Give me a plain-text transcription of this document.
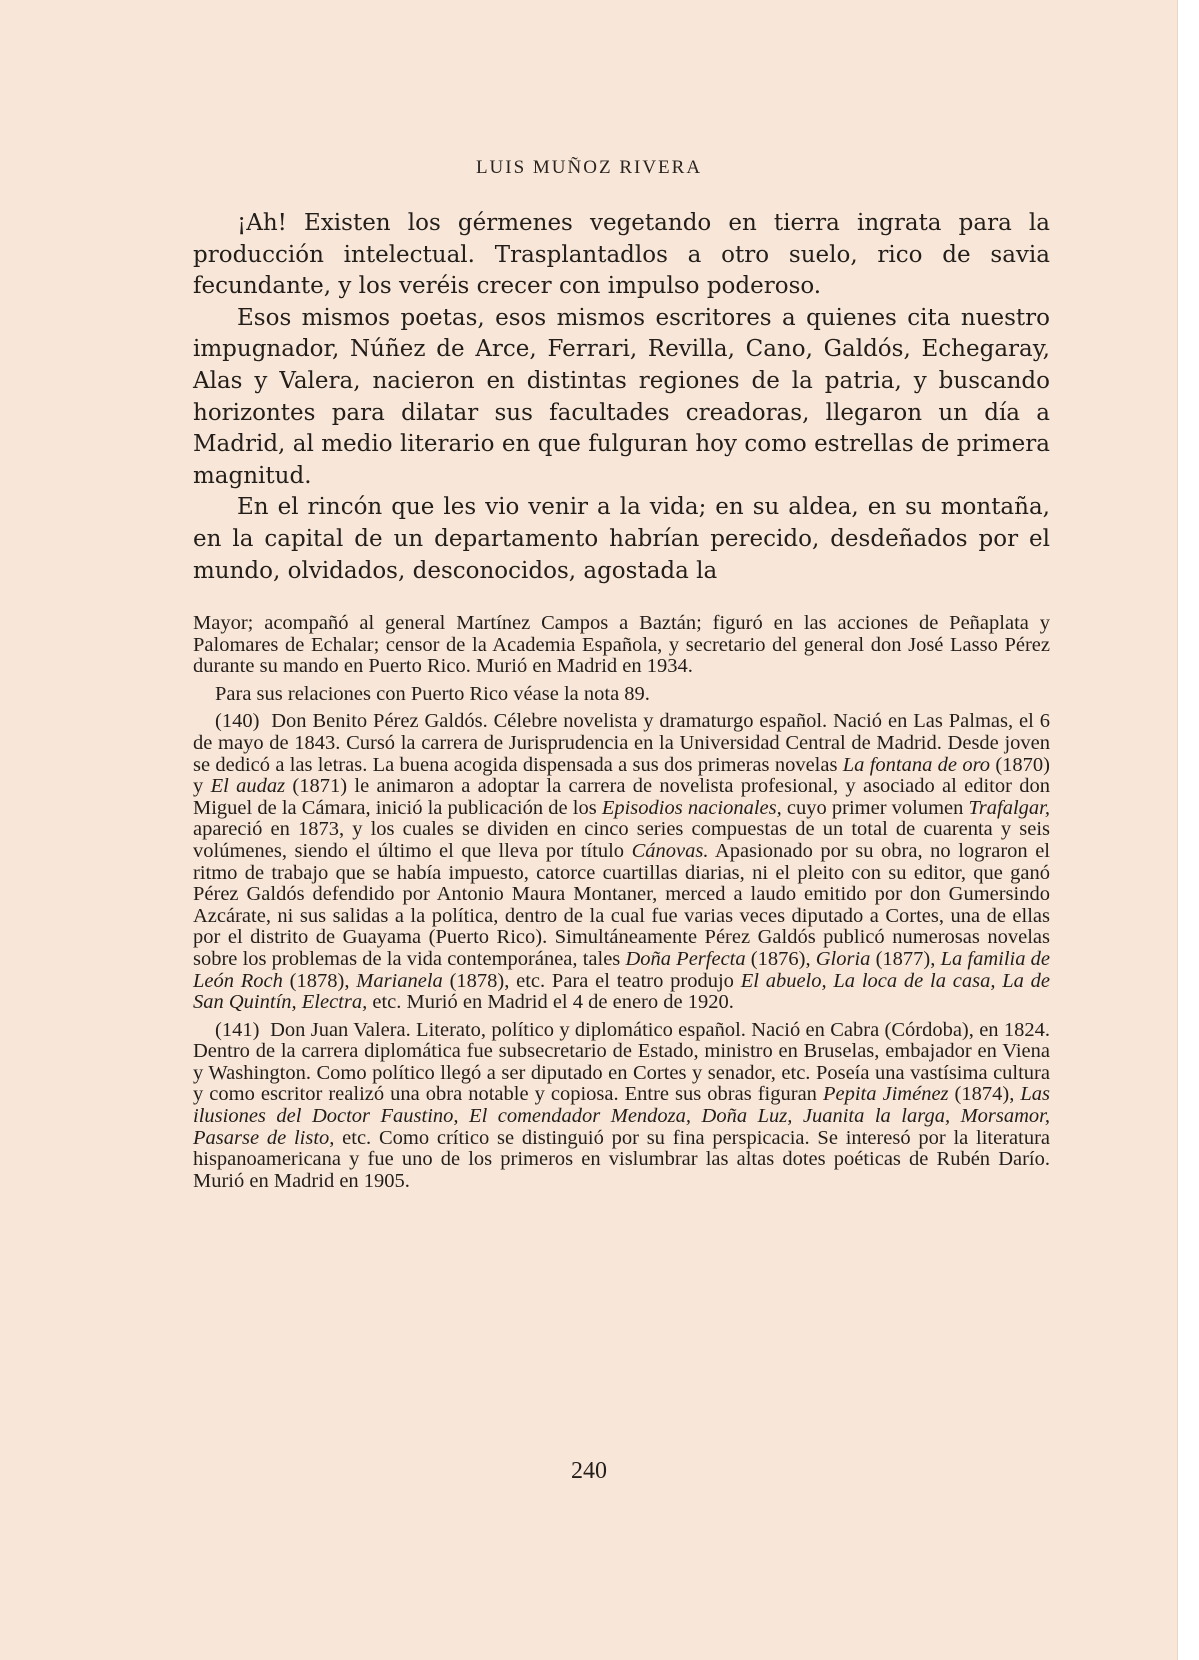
LUIS MUÑOZ RIVERA

¡Ah! Existen los gérmenes vegetando en tierra ingrata para la producción intelectual. Trasplantadlos a otro suelo, rico de savia fecundante, y los veréis crecer con impulso poderoso.

Esos mismos poetas, esos mismos escritores a quienes cita nuestro impugnador, Núñez de Arce, Ferrari, Revilla, Cano, Galdós, Echegaray, Alas y Valera, nacieron en distintas regiones de la patria, y buscando horizontes para dilatar sus facultades creadoras, llegaron un día a Madrid, al medio literario en que fulguran hoy como estrellas de primera magnitud.

En el rincón que les vio venir a la vida; en su aldea, en su montaña, en la capital de un departamento habrían perecido, desdeñados por el mundo, olvidados, desconocidos, agostada la

Mayor; acompañó al general Martínez Campos a Baztán; figuró en las acciones de Peñaplata y Palomares de Echalar; censor de la Academia Española, y secretario del general don José Lasso Pérez durante su mando en Puerto Rico. Murió en Madrid en 1934.

Para sus relaciones con Puerto Rico véase la nota 89.

(140) Don Benito Pérez Galdós. Célebre novelista y dramaturgo español. Nació en Las Palmas, el 6 de mayo de 1843. Cursó la carrera de Jurisprudencia en la Universidad Central de Madrid. Desde joven se dedicó a las letras. La buena acogida dispensada a sus dos primeras novelas La fontana de oro (1870) y El audaz (1871) le animaron a adoptar la carrera de novelista profesional, y asociado al editor don Miguel de la Cámara, inició la publicación de los Episodios nacionales, cuyo primer volumen Trafalgar, apareció en 1873, y los cuales se dividen en cinco series compuestas de un total de cuarenta y seis volúmenes, siendo el último el que lleva por título Cánovas. Apasionado por su obra, no lograron el ritmo de trabajo que se había impuesto, catorce cuartillas diarias, ni el pleito con su editor, que ganó Pérez Galdós defendido por Antonio Maura Montaner, merced a laudo emitido por don Gumersindo Azcárate, ni sus salidas a la política, dentro de la cual fue varias veces diputado a Cortes, una de ellas por el distrito de Guayama (Puerto Rico). Simultáneamente Pérez Galdós publicó numerosas novelas sobre los problemas de la vida contemporánea, tales Doña Perfecta (1876), Gloria (1877), La familia de León Roch (1878), Marianela (1878), etc. Para el teatro produjo El abuelo, La loca de la casa, La de San Quintín, Electra, etc. Murió en Madrid el 4 de enero de 1920.

(141) Don Juan Valera. Literato, político y diplomático español. Nació en Cabra (Córdoba), en 1824. Dentro de la carrera diplomática fue subsecretario de Estado, ministro en Bruselas, embajador en Viena y Washington. Como político llegó a ser diputado en Cortes y senador, etc. Poseía una vastísima cultura y como escritor realizó una obra notable y copiosa. Entre sus obras figuran Pepita Jiménez (1874), Las ilusiones del Doctor Faustino, El comendador Mendoza, Doña Luz, Juanita la larga, Morsamor, Pasarse de listo, etc. Como crítico se distinguió por su fina perspicacia. Se interesó por la literatura hispanoamericana y fue uno de los primeros en vislumbrar las altas dotes poéticas de Rubén Darío. Murió en Madrid en 1905.

240
